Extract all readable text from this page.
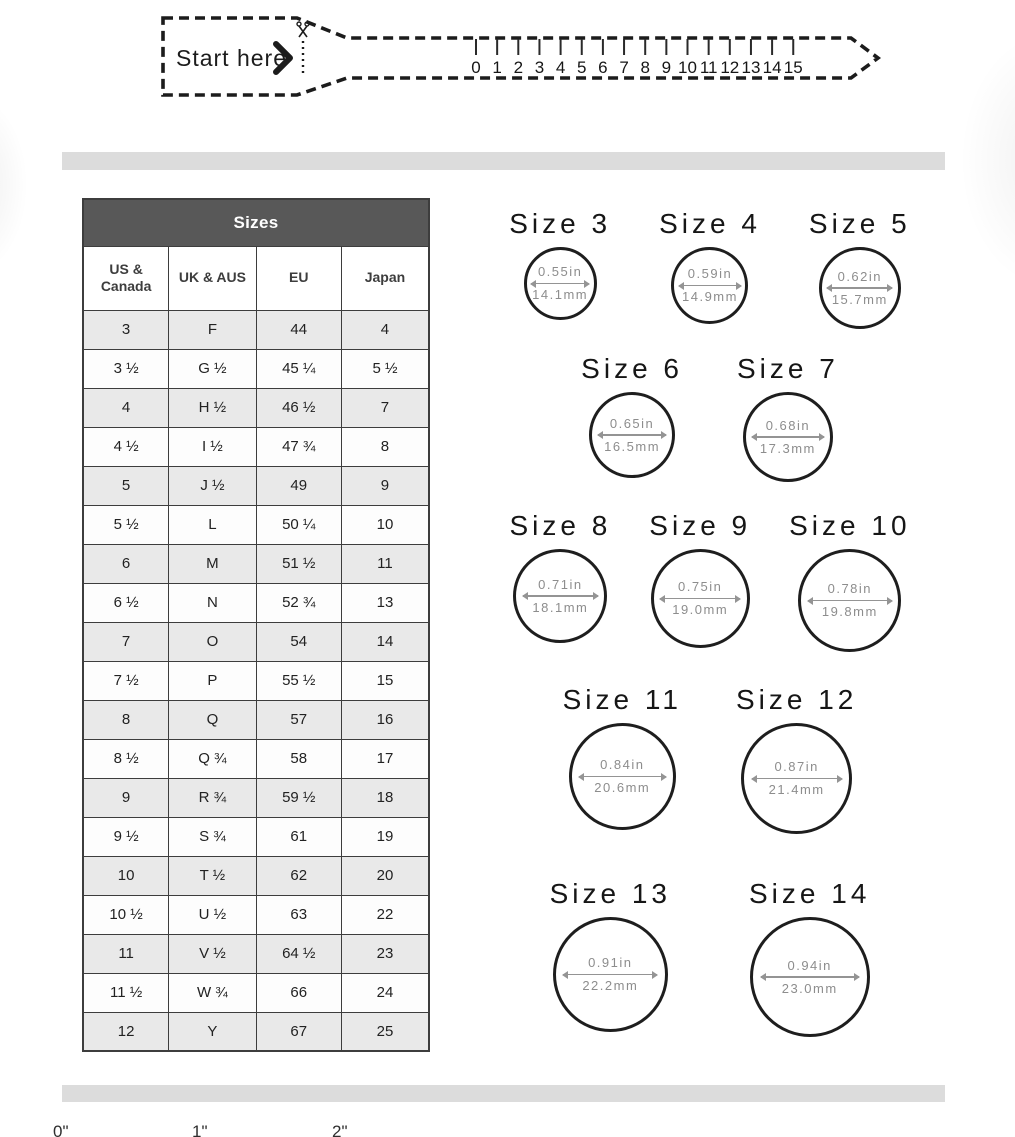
Start here	0 1 2 3 4 5 6 7 8 9 10 11 12 13 14 15
Sizes			
US & Canada	UK & AUS	EU	Japan
3	F	44	4
3 ½	G ½	45 ¼	5 ½
4	H ½	46 ½	7
4 ½	I ½	47 ¾	8
5	J ½	49	9
5 ½	L	50 ¼	10
6	M	51 ½	11
6 ½	N	52 ¾	13
7	O	54	14
7 ½	P	55 ½	15
8	Q	57	16
8 ½	Q ¾	58	17
9	R ¾	59 ½	18
9 ½	S ¾	61	19
10	T ½	62	20
10 ½	U ½	63	22
11	V ½	64 ½	23
11 ½	W ¾	66	24
12	Y	67	25
Size 3
0.55in
14.1mm
Size 4
0.59in
14.9mm
Size 5
0.62in
15.7mm
Size 6
0.65in
16.5mm
Size 7
0.68in
17.3mm
Size 8
0.71in
18.1mm
Size 9
0.75in
19.0mm
Size 10
0.78in
19.8mm
Size 11
0.84in
20.6mm
Size 12
0.87in
21.4mm
Size 13
0.91in
22.2mm
Size 14
0.94in
23.0mm
0"	1"	2"
